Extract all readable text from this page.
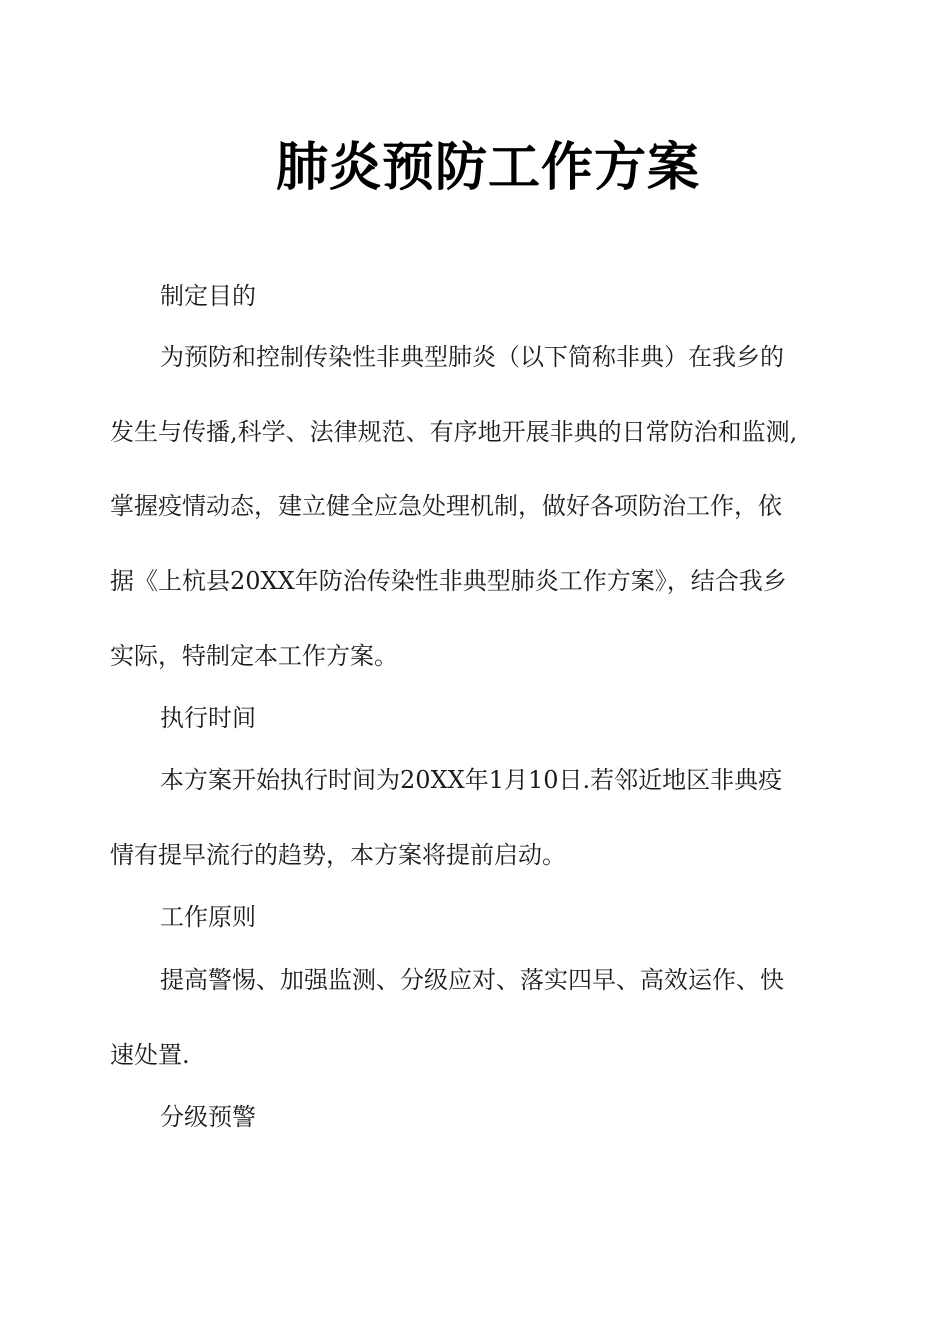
肺炎预防工作方案

制定目的

为预防和控制传染性非典型肺炎（以下简称非典）在我乡的

发生与传播,科学、法律规范、有序地开展非典的日常防治和监测,

掌握疫情动态，建立健全应急处理机制，做好各项防治工作，依

据《上杭县20XX年防治传染性非典型肺炎工作方案》，结合我乡

实际，特制定本工作方案。

执行时间

本方案开始执行时间为20XX年1月10日.若邻近地区非典疫

情有提早流行的趋势，本方案将提前启动。

工作原则

提高警惕、加强监测、分级应对、落实四早、高效运作、快

速处置.

分级预警
